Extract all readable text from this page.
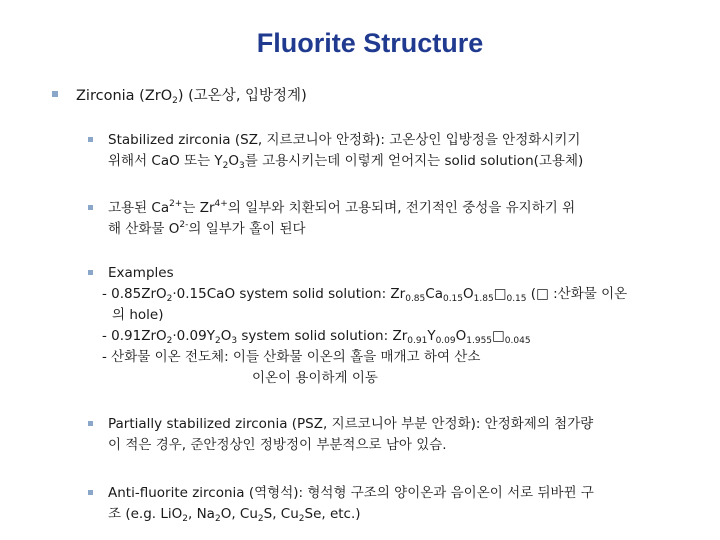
Fluorite Structure
Zirconia (ZrO$_2$) (고온상, 입방정계)
Stabilized zirconia (SZ, 지르코니아 안정화): 고온상인 입방정을 안정화시키기
위해서 CaO 또는 $Y_2O_3$를 고용시키는데 이렇게 얻어지는 solid solution(고용체)
고용된 $Ca^{2+}$는 $Zr^{4+}$의 일부와 치환되어 고용되며, 전기적인 중성을 유지하기 위
해 산화물 $O^{2-}$의 일부가 홀이 된다
Examples
- 0.85ZrO$_2$·0.15CaO system solid solution: $Zr_{0.85}Ca_{0.15}O_{1.85}□_{0.15}$ (□ :산화물 이온
의 hole)
- $0.91ZrO_2\cdot 0.09Y_2O_3$ system solid solution: $Zr_{0.91}Y_{0.09}O_{1.955}□_{0.045}$
- 산화물 이온 전도체: 이들 산화물 이온의 홀을 매개고 하여 산소
이온이 용이하게 이동
Partially stabilized zirconia (PSZ, 지르코니아 부분 안정화): 안정화제의 첨가량
이 적은 경우, 준안정상인 정방정이 부분적으로 남아 있슴.
Anti-fluorite zirconia (역형석): 형석형 구조의 양이온과 음이온이 서로 뒤바뀐 구
조 (e.g. LiO$_2$, $Na_2O$, $Cu_2S$, $Cu_2Se$, etc.)
